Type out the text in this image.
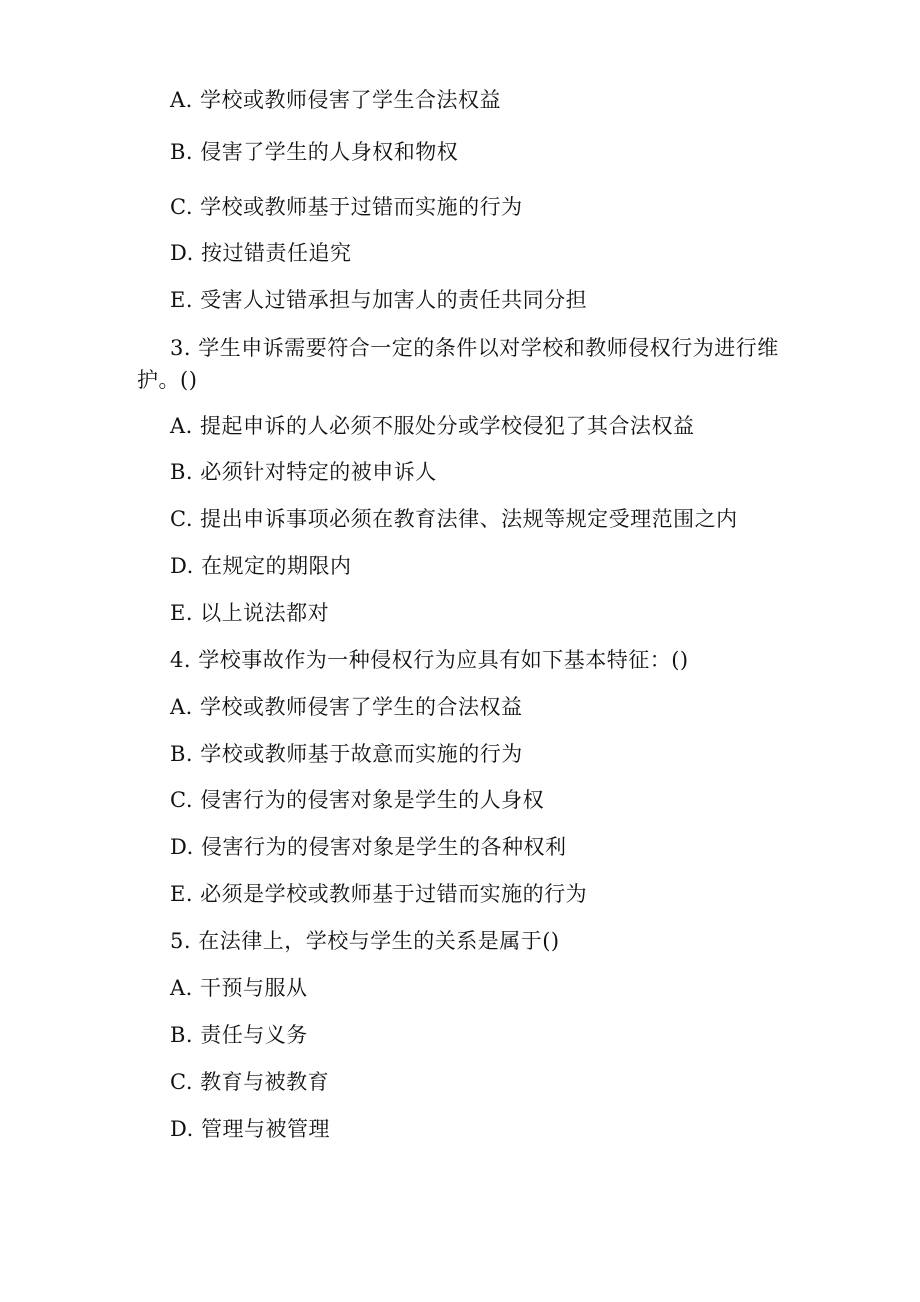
A. 学校或教师侵害了学生合法权益
B. 侵害了学生的人身权和物权
C. 学校或教师基于过错而实施的行为
D. 按过错责任追究
E. 受害人过错承担与加害人的责任共同分担
3. 学生申诉需要符合一定的条件以对学校和教师侵权行为进行维
护。()
A. 提起申诉的人必须不服处分或学校侵犯了其合法权益
B. 必须针对特定的被申诉人
C. 提出申诉事项必须在教育法律、法规等规定受理范围之内
D. 在规定的期限内
E. 以上说法都对
4. 学校事故作为一种侵权行为应具有如下基本特征：()
A. 学校或教师侵害了学生的合法权益
B. 学校或教师基于故意而实施的行为
C. 侵害行为的侵害对象是学生的人身权
D. 侵害行为的侵害对象是学生的各种权利
E. 必须是学校或教师基于过错而实施的行为
5. 在法律上，学校与学生的关系是属于()
A. 干预与服从
B. 责任与义务
C. 教育与被教育
D. 管理与被管理
